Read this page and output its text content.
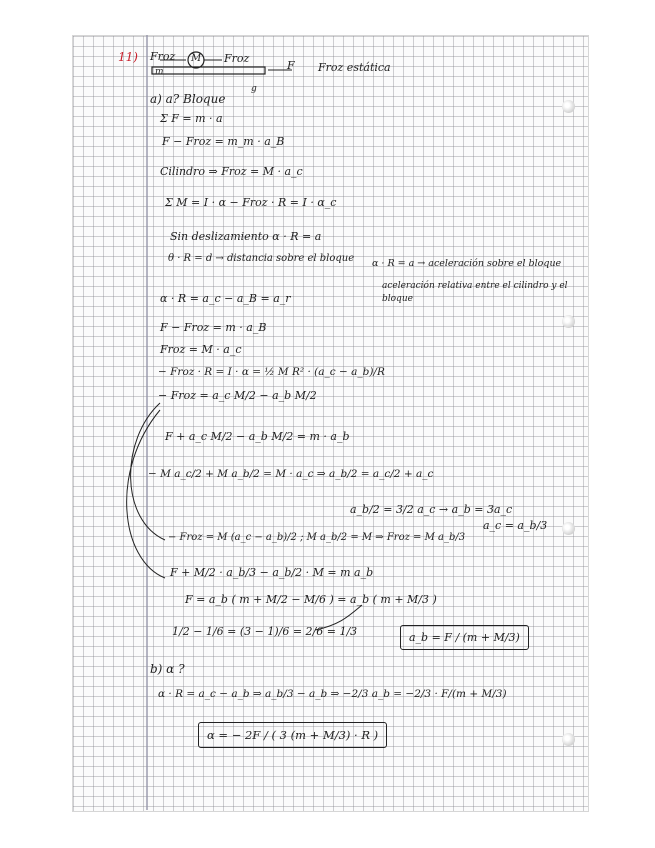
11) Froz M Froz
F
m	Froz estática
g
a) a? Bloque
Σ F = m · a
F − Froz = m_m · a_B
Cilindro ⇒ Froz = M · a_c
Σ M = I · α − Froz · R = I · α_c
Sin deslizamiento α · R = a
θ · R = d → distancia sobre el bloque α · R = a → aceleración sobre el bloque
aceleración relativa entre el cilindro y el bloque
α · R = a_c − a_B = a_r
F − Froz = m · a_B
Froz = M · a_c
− Froz · R = I · α = ½ M R² · (a_c − a_b)/R
− Froz = a_c M/2 − a_b M/2
F + a_c M/2 − a_b M/2 = m · a_b
− M a_c/2 + M a_b/2 = M · a_c ⇒ a_b/2 = a_c/2 + a_c
a_b/2 = 3/2 a_c → a_b = 3a_c
a_c = a_b/3
− Froz = M (a_c − a_b)/2 ; M a_b/2 = M ⇒ Froz = M a_b/3
F + M/2 · a_b/3 − a_b/2 · M = m a_b
F = a_b ( m + M/2 − M/6 ) = a_b ( m + M/3 )
1/2 − 1/6 = (3 − 1)/6 = 2/6 = 1/3	a_b = F / (m + M/3)
b) α ?
α · R = a_c − a_b ⇒ a_b/3 − a_b ⇒ −2/3 a_b = −2/3 · F/(m + M/3)
α = − 2F / ( 3 (m + M/3) · R )
